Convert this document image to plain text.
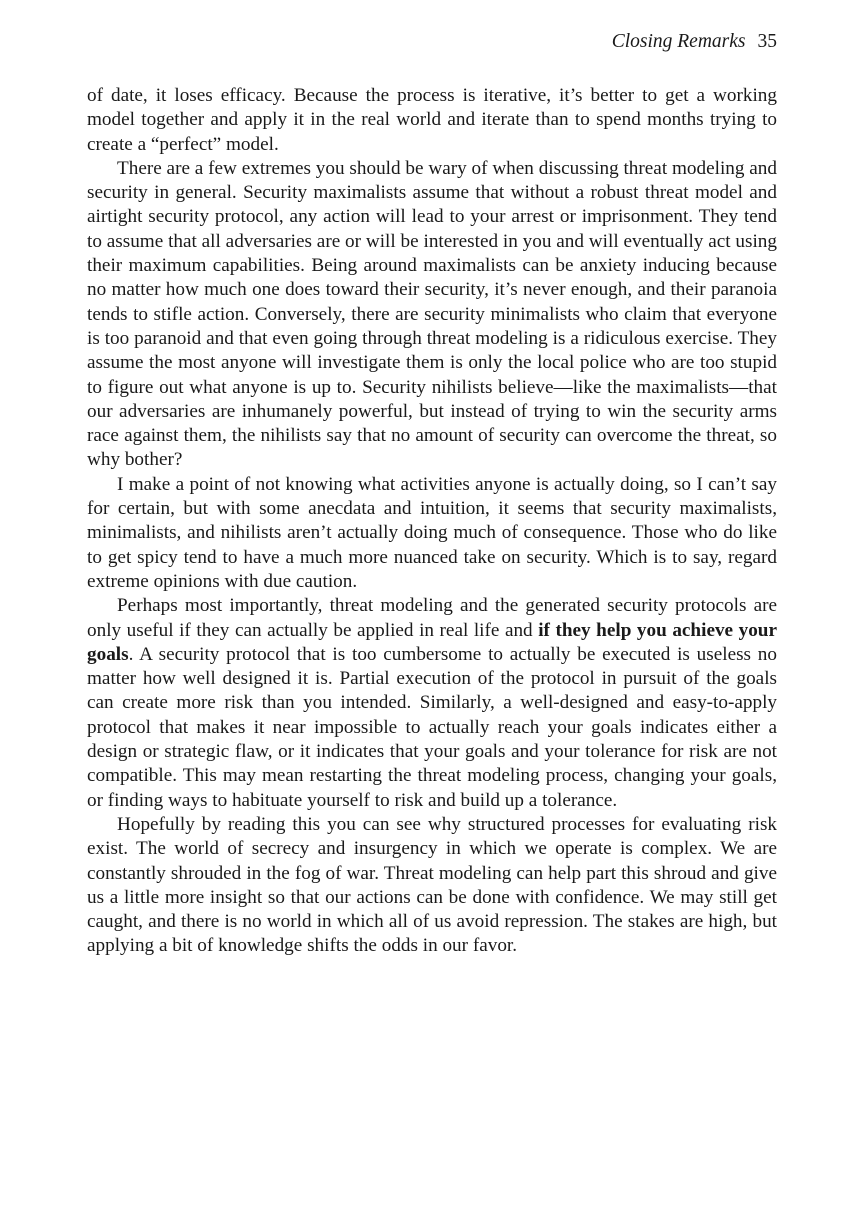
Closing Remarks 35

of date, it loses efficacy. Because the process is iterative, it’s better to get a working model together and apply it in the real world and iterate than to spend months trying to create a “perfect” model.

There are a few extremes you should be wary of when discussing threat modeling and security in general. Security maximalists assume that without a robust threat model and airtight security protocol, any action will lead to your arrest or imprisonment. They tend to assume that all adversaries are or will be interested in you and will eventually act using their maximum capabilities. Being around maximalists can be anxiety inducing because no matter how much one does toward their security, it’s never enough, and their paranoia tends to stifle action. Conversely, there are security minimalists who claim that everyone is too paranoid and that even going through threat modeling is a ridiculous exercise. They assume the most anyone will investigate them is only the local police who are too stupid to figure out what anyone is up to. Security nihilists believe—like the maximalists—that our adversaries are inhumanely powerful, but instead of trying to win the security arms race against them, the nihilists say that no amount of security can overcome the threat, so why bother?

I make a point of not knowing what activities anyone is actually doing, so I can’t say for certain, but with some anecdata and intuition, it seems that security maximalists, minimalists, and nihilists aren’t actually doing much of consequence. Those who do like to get spicy tend to have a much more nuanced take on security. Which is to say, regard extreme opinions with due caution.

Perhaps most importantly, threat modeling and the generated security protocols are only useful if they can actually be applied in real life and if they help you achieve your goals. A security protocol that is too cumbersome to actually be executed is useless no matter how well designed it is. Partial execution of the protocol in pursuit of the goals can create more risk than you intended. Similarly, a well-designed and easy-to-apply protocol that makes it near impossible to actually reach your goals indicates either a design or strategic flaw, or it indicates that your goals and your tolerance for risk are not compatible. This may mean restarting the threat modeling process, changing your goals, or finding ways to habituate yourself to risk and build up a tolerance.

Hopefully by reading this you can see why structured processes for evaluating risk exist. The world of secrecy and insurgency in which we operate is complex. We are constantly shrouded in the fog of war. Threat modeling can help part this shroud and give us a little more insight so that our actions can be done with confidence. We may still get caught, and there is no world in which all of us avoid repression. The stakes are high, but applying a bit of knowledge shifts the odds in our favor.
